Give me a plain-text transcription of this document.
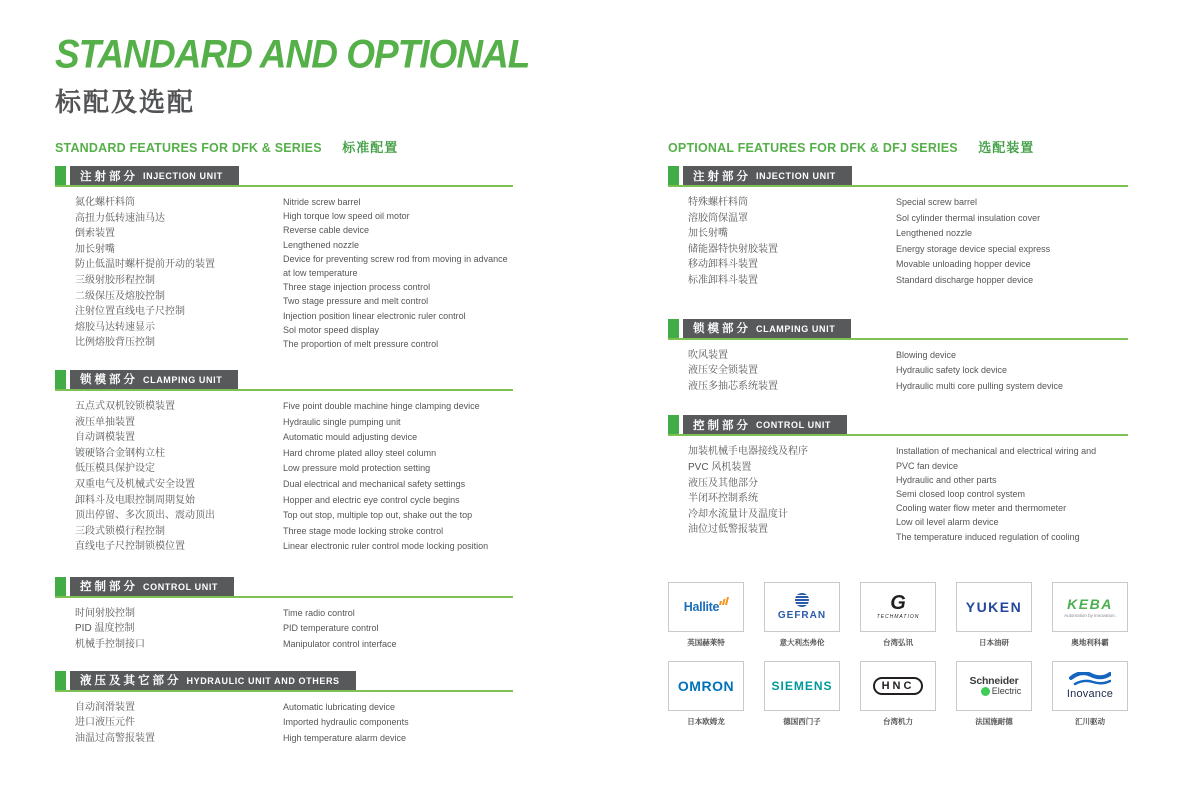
STANDARD AND OPTIONAL
标配及选配
STANDARD FEATURES FOR DFK & SERIES 标准配置
注射部分 INJECTION UNIT
氮化螺杆料筒
高扭力低转速油马达
倒索装置
加长射嘴
防止低温时螺杆提前开动的装置
三级射胶形程控制
二级保压及熔胶控制
注射位置直线电子尺控制
熔胶马达转速显示
比例熔胶背压控制
Nitride screw barrel
High torque low speed oil motor
Reverse cable device
Lengthened nozzle
Device for preventing screw rod from moving in advance at low temperature
Three stage injection process control
Two stage pressure and melt control
Injection position linear electronic ruler control
Sol motor speed display
The proportion of melt pressure control
锁模部分 CLAMPING UNIT
五点式双机铰锁模装置
液压单抽装置
自动调模装置
镀硬铬合金钢构立柱
低压模具保护设定
双重电气及机械式安全设置
卸料斗及电眼控制周期复始
顶出停留、多次顶出、震动顶出
三段式锁模行程控制
直线电子尺控制锁模位置
Five point double machine hinge clamping device
Hydraulic single pumping unit
Automatic mould adjusting device
Hard chrome plated alloy steel column
Low pressure mold protection setting
Dual electrical and mechanical safety settings
Hopper and electric eye control cycle begins
Top out stop, multiple top out, shake out the top
Three stage mode locking stroke control
Linear electronic ruler control mode locking position
控制部分 CONTROL UNIT
时间射胶控制
PID 温度控制
机械手控制接口
Time radio control
PID temperature control
Manipulator control interface
液压及其它部分 HYDRAULIC UNIT AND OTHERS
自动润滑装置
进口液压元件
油温过高警报装置
Automatic lubricating device
Imported hydraulic components
High temperature alarm device
OPTIONAL FEATURES FOR DFK & DFJ SERIES 选配装置
注射部分 INJECTION UNIT
特殊螺杆料筒
溶胶筒保温罩
加长射嘴
储能器特快射胶装置
移动卸料斗装置
标准卸料斗装置
Special screw barrel
Sol cylinder thermal insulation cover
Lengthened nozzle
Energy storage device special express
Movable unloading hopper device
Standard discharge hopper device
锁模部分 CLAMPING UNIT
吹风装置
液压安全锁装置
液压多抽芯系统装置
Blowing device
Hydraulic safety lock device
Hydraulic multi core pulling system device
控制部分 CONTROL UNIT
加装机械手电器接线及程序
PVC 风机装置
液压及其他部分
半闭环控制系统
冷却水流量计及温度计
油位过低警报装置
Installation of mechanical and electrical wiring and
PVC fan device
Hydraulic and other parts
Semi closed loop control system
Cooling water flow meter and thermometer
Low oil level alarm device
The temperature induced regulation of cooling
Hallite
英国赫莱特
GEFRAN
意大利杰弗伦
G
TECHMATION
台湾弘讯
YUKEN
日本油研
KEBA
Automation by innovation.
奥地利科霸
OMRON
日本欧姆龙
SIEMENS
德国西门子
HNC
台湾机力
Schneider
Electric
法国施耐德
Inovance
汇川驱动
